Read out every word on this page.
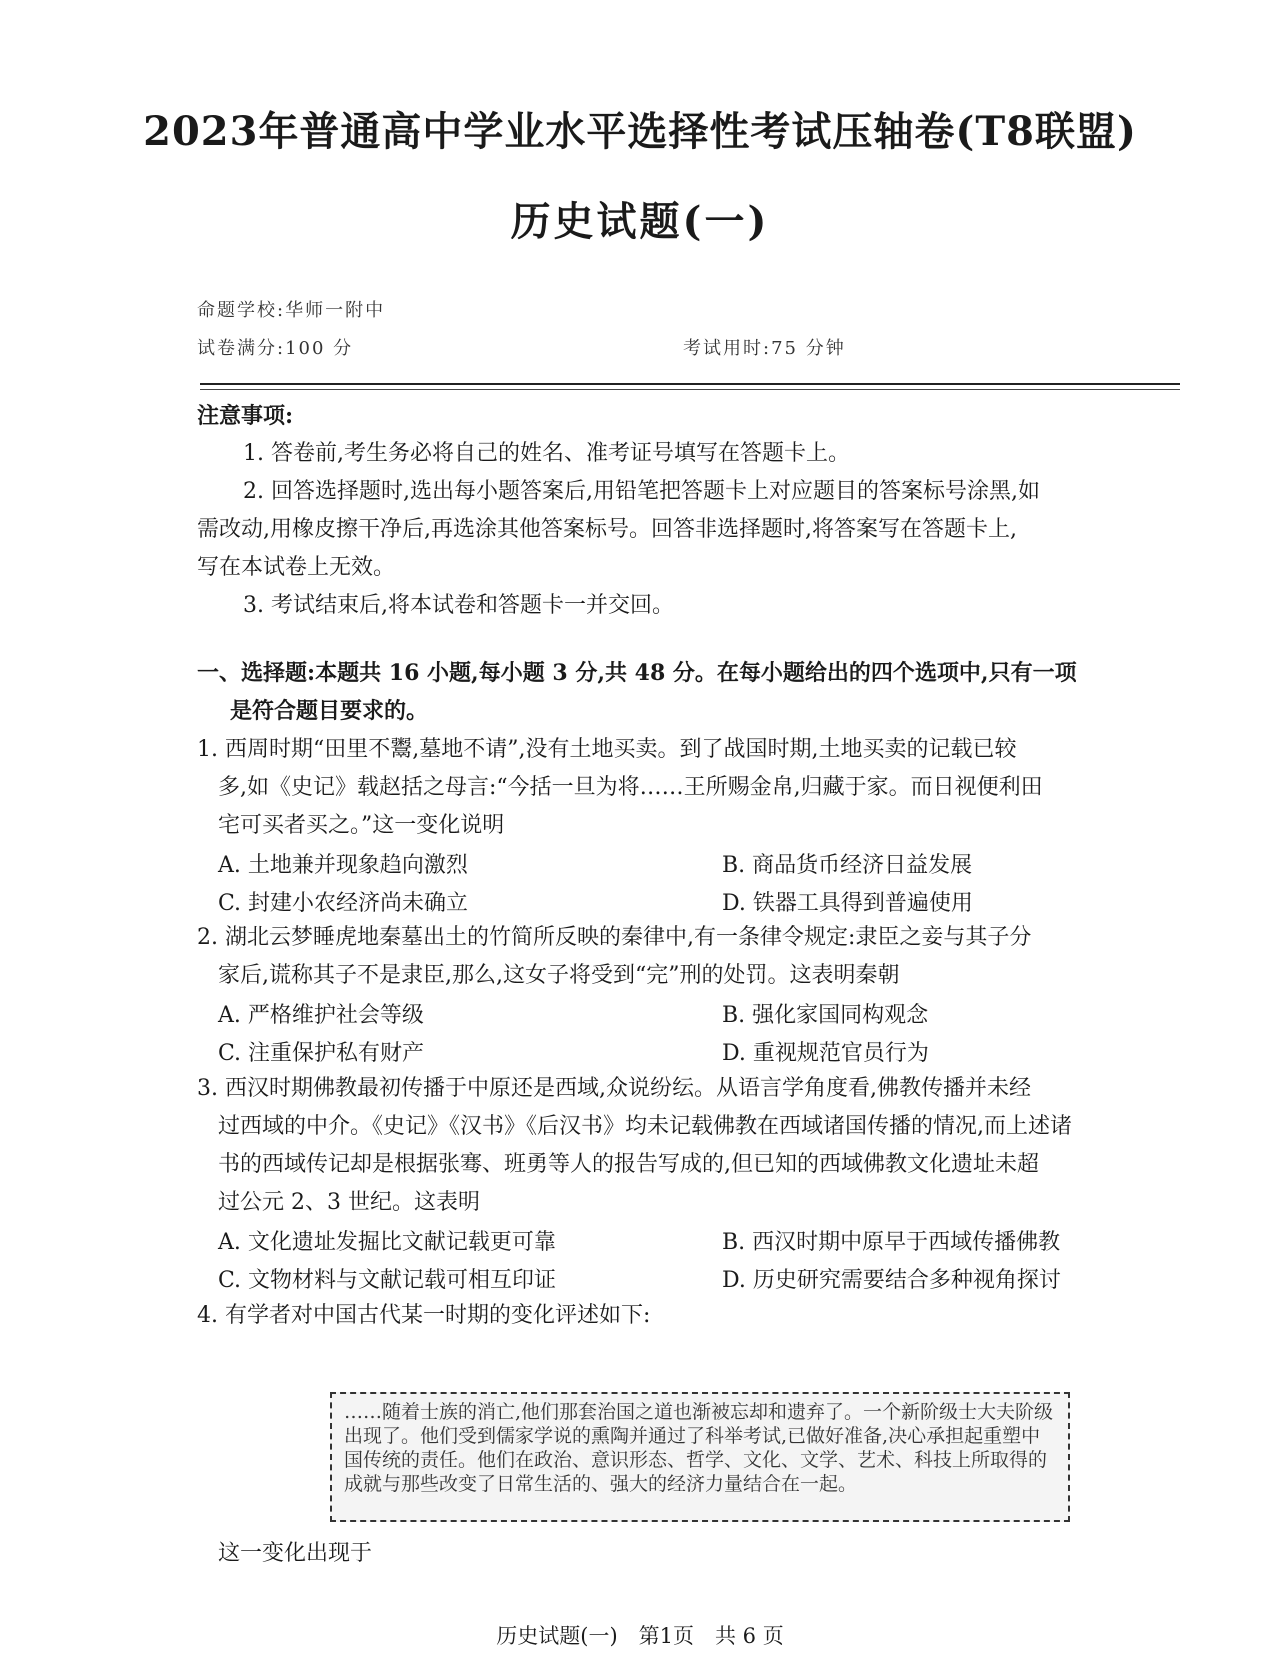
2023年普通高中学业水平选择性考试压轴卷(T8联盟)
历史试题(一)
命题学校:华师一附中
试卷满分:100 分	考试用时:75 分钟
注意事项:
1. 答卷前,考生务必将自己的姓名、准考证号填写在答题卡上。
2. 回答选择题时,选出每小题答案后,用铅笔把答题卡上对应题目的答案标号涂黑,如
需改动,用橡皮擦干净后,再选涂其他答案标号。回答非选择题时,将答案写在答题卡上,
写在本试卷上无效。
3. 考试结束后,将本试卷和答题卡一并交回。
一、选择题:本题共 16 小题,每小题 3 分,共 48 分。在每小题给出的四个选项中,只有一项
是符合题目要求的。
1. 西周时期“田里不鬻,墓地不请”,没有土地买卖。到了战国时期,土地买卖的记载已较
多,如《史记》载赵括之母言:“今括一旦为将……王所赐金帛,归藏于家。而日视便利田
宅可买者买之。”这一变化说明
A. 土地兼并现象趋向激烈	B. 商品货币经济日益发展
C. 封建小农经济尚未确立	D. 铁器工具得到普遍使用
2. 湖北云梦睡虎地秦墓出土的竹简所反映的秦律中,有一条律令规定:隶臣之妾与其子分
家后,谎称其子不是隶臣,那么,这女子将受到“完”刑的处罚。这表明秦朝
A. 严格维护社会等级	B. 强化家国同构观念
C. 注重保护私有财产	D. 重视规范官员行为
3. 西汉时期佛教最初传播于中原还是西域,众说纷纭。从语言学角度看,佛教传播并未经
过西域的中介。《史记》《汉书》《后汉书》均未记载佛教在西域诸国传播的情况,而上述诸
书的西域传记却是根据张骞、班勇等人的报告写成的,但已知的西域佛教文化遗址未超
过公元 2、3 世纪。这表明
A. 文化遗址发掘比文献记载更可靠	B. 西汉时期中原早于西域传播佛教
C. 文物材料与文献记载可相互印证	D. 历史研究需要结合多种视角探讨
4. 有学者对中国古代某一时期的变化评述如下:
……随着士族的消亡,他们那套治国之道也渐被忘却和遗弃了。一个新阶级士大夫阶级出现了。他们受到儒家学说的熏陶并通过了科举考试,已做好准备,决心承担起重塑中国传统的责任。他们在政治、意识形态、哲学、文化、文学、艺术、科技上所取得的成就与那些改变了日常生活的、强大的经济力量结合在一起。
这一变化出现于
历史试题(一)　第1页　共 6 页
